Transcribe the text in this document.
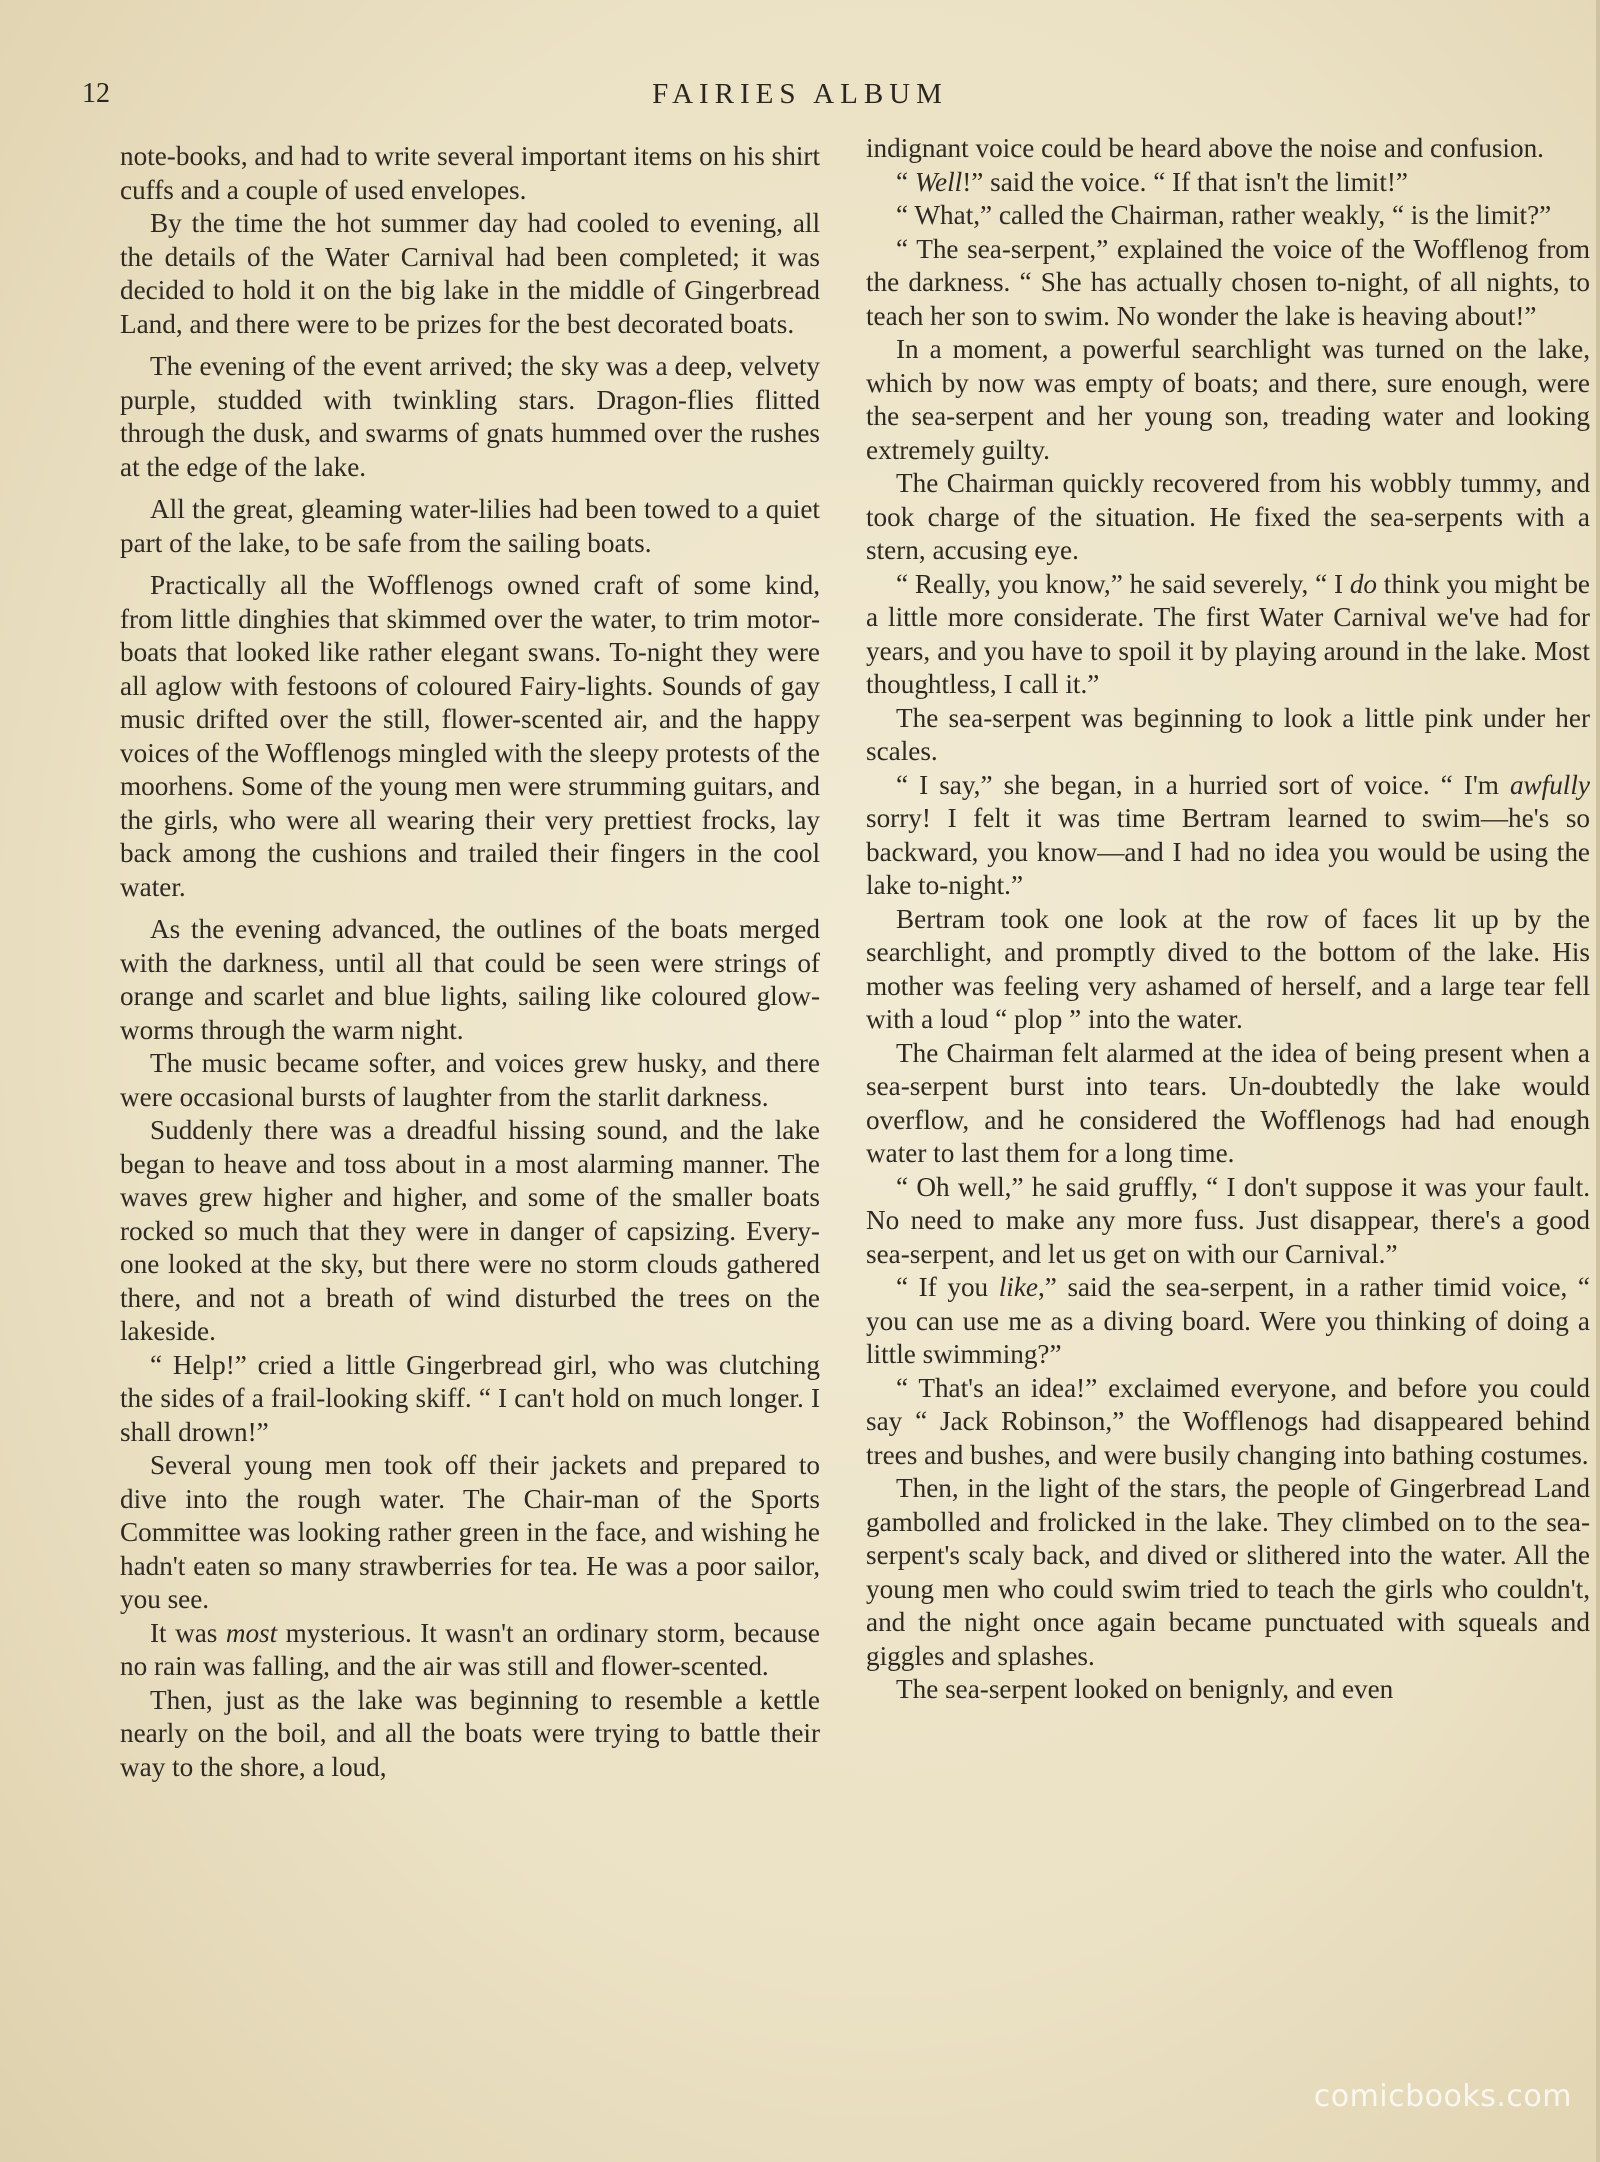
12	FAIRIES ALBUM

note-books, and had to write several important items on his shirt cuffs and a couple of used envelopes.

By the time the hot summer day had cooled to evening, all the details of the Water Carnival had been completed; it was decided to hold it on the big lake in the middle of Gingerbread Land, and there were to be prizes for the best decorated boats.

The evening of the event arrived; the sky was a deep, velvety purple, studded with twinkling stars. Dragon-flies flitted through the dusk, and swarms of gnats hummed over the rushes at the edge of the lake.

All the great, gleaming water-lilies had been towed to a quiet part of the lake, to be safe from the sailing boats.

Practically all the Wofflenogs owned craft of some kind, from little dinghies that skimmed over the water, to trim motor-boats that looked like rather elegant swans. To-night they were all aglow with festoons of coloured Fairy-lights. Sounds of gay music drifted over the still, flower-scented air, and the happy voices of the Wofflenogs mingled with the sleepy protests of the moorhens. Some of the young men were strumming guitars, and the girls, who were all wearing their very prettiest frocks, lay back among the cushions and trailed their fingers in the cool water.

As the evening advanced, the outlines of the boats merged with the darkness, until all that could be seen were strings of orange and scarlet and blue lights, sailing like coloured glow-worms through the warm night.

The music became softer, and voices grew husky, and there were occasional bursts of laughter from the starlit darkness.

Suddenly there was a dreadful hissing sound, and the lake began to heave and toss about in a most alarming manner. The waves grew higher and higher, and some of the smaller boats rocked so much that they were in danger of capsizing. Every-one looked at the sky, but there were no storm clouds gathered there, and not a breath of wind disturbed the trees on the lakeside.

“ Help!” cried a little Gingerbread girl, who was clutching the sides of a frail-looking skiff. “ I can't hold on much longer. I shall drown!”

Several young men took off their jackets and prepared to dive into the rough water. The Chair-man of the Sports Committee was looking rather green in the face, and wishing he hadn't eaten so many strawberries for tea. He was a poor sailor, you see.

It was most mysterious. It wasn't an ordinary storm, because no rain was falling, and the air was still and flower-scented.

Then, just as the lake was beginning to resemble a kettle nearly on the boil, and all the boats were trying to battle their way to the shore, a loud,

indignant voice could be heard above the noise and confusion.

“ Well!” said the voice. “ If that isn't the limit!”

“ What,” called the Chairman, rather weakly, “ is the limit?”

“ The sea-serpent,” explained the voice of the Wofflenog from the darkness. “ She has actually chosen to-night, of all nights, to teach her son to swim. No wonder the lake is heaving about!”

In a moment, a powerful searchlight was turned on the lake, which by now was empty of boats; and there, sure enough, were the sea-serpent and her young son, treading water and looking extremely guilty.

The Chairman quickly recovered from his wobbly tummy, and took charge of the situation. He fixed the sea-serpents with a stern, accusing eye.

“ Really, you know,” he said severely, “ I do think you might be a little more considerate. The first Water Carnival we've had for years, and you have to spoil it by playing around in the lake. Most thoughtless, I call it.”

The sea-serpent was beginning to look a little pink under her scales.

“ I say,” she began, in a hurried sort of voice. “ I'm awfully sorry! I felt it was time Bertram learned to swim—he's so backward, you know—and I had no idea you would be using the lake to-night.”

Bertram took one look at the row of faces lit up by the searchlight, and promptly dived to the bottom of the lake. His mother was feeling very ashamed of herself, and a large tear fell with a loud “ plop ” into the water.

The Chairman felt alarmed at the idea of being present when a sea-serpent burst into tears. Un-doubtedly the lake would overflow, and he considered the Wofflenogs had had enough water to last them for a long time.

“ Oh well,” he said gruffly, “ I don't suppose it was your fault. No need to make any more fuss. Just disappear, there's a good sea-serpent, and let us get on with our Carnival.”

“ If you like,” said the sea-serpent, in a rather timid voice, “ you can use me as a diving board. Were you thinking of doing a little swimming?”

“ That's an idea!” exclaimed everyone, and before you could say “ Jack Robinson,” the Wofflenogs had disappeared behind trees and bushes, and were busily changing into bathing costumes.

Then, in the light of the stars, the people of Gingerbread Land gambolled and frolicked in the lake. They climbed on to the sea-serpent's scaly back, and dived or slithered into the water. All the young men who could swim tried to teach the girls who couldn't, and the night once again became punctuated with squeals and giggles and splashes.

The sea-serpent looked on benignly, and even

comicbooks.com
